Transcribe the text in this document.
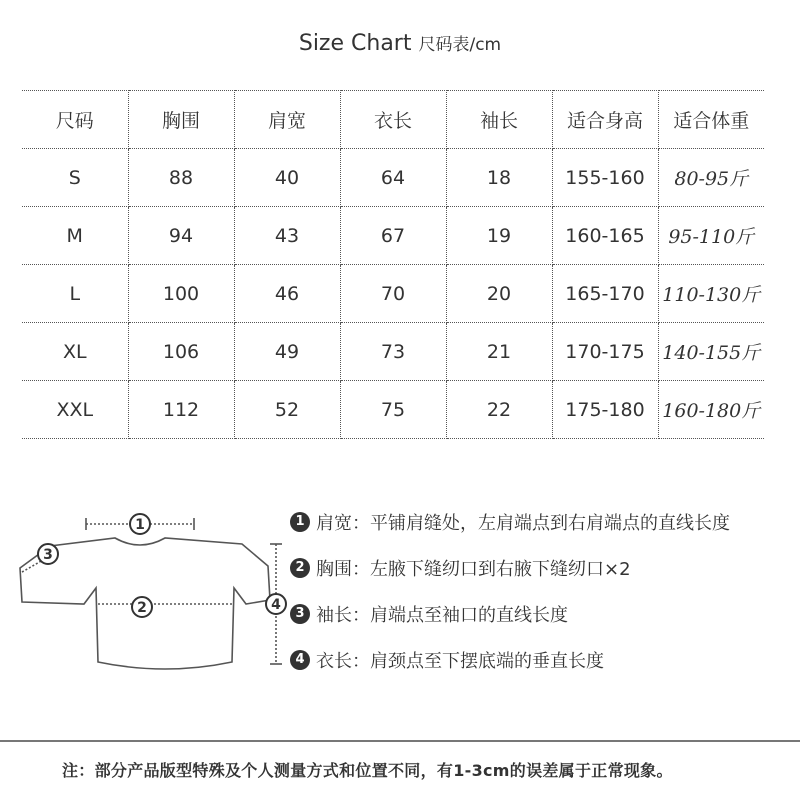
Size Chart 尺码表/cm
尺码	胸围	肩宽	衣长	袖长	适合身高	适合体重
S	88	40	64	18	155-160	80-95斤
M	94	43	67	19	160-165	95-110斤
L	100	46	70	20	165-170	110-130斤
XL	106	49	73	21	170-175	140-155斤
XXL	112	52	75	22	175-180	160-180斤
1
2
3
4
1 肩宽：平铺肩缝处，左肩端点到右肩端点的直线长度
2 胸围：左腋下缝纫口到右腋下缝纫口×2
3 袖长：肩端点至袖口的直线长度
4 衣长：肩颈点至下摆底端的垂直长度
注：部分产品版型特殊及个人测量方式和位置不同，有1-3cm的误差属于正常现象。
